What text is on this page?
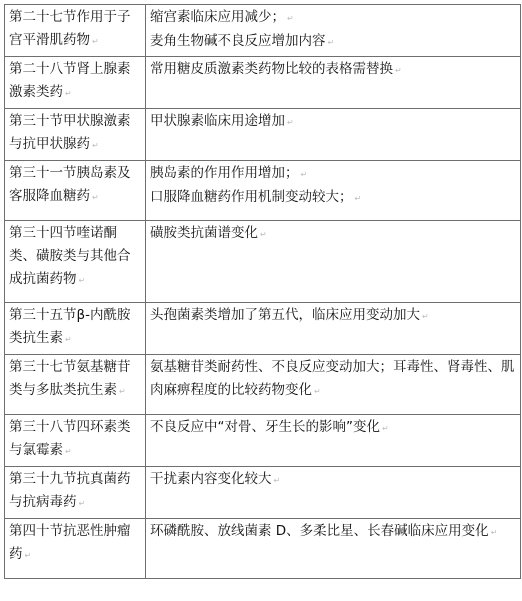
第二十七节作用于子宫平滑肌药物 ↵	缩宫素临床应用减少； ↵
麦角生物碱不良反应增加内容 ↵

第二十八节肾上腺素激素类药 ↵	常用糖皮质激素类药物比较的表格需替换 ↵
第三十节甲状腺激素与抗甲状腺药 ↵	甲状腺素临床用途增加 ↵
第三十一节胰岛素及客服降血糖药 ↵	胰岛素的作用作用增加； ↵
口服降血糖药作用机制变动较大； ↵

第三十四节喹诺酮类、磺胺类与其他合成抗菌药物 ↵	磺胺类抗菌谱变化 ↵
第三十五节β-内酰胺类抗生素 ↵	头孢菌素类增加了第五代，临床应用变动加大 ↵
第三十七节氨基糖苷类与多肽类抗生素 ↵	氨基糖苷类耐药性、不良反应变动加大；耳毒性、肾毒性、肌肉麻痹程度的比较药物变化 ↵
第三十八节四环素类与氯霉素 ↵	不良反应中“对骨、牙生长的影响”变化 ↵
第三十九节抗真菌药与抗病毒药 ↵	干扰素内容变化较大 ↵
第四十节抗恶性肿瘤药 ↵	环磷酰胺、放线菌素 D、多柔比星、长春碱临床应用变化 ↵
